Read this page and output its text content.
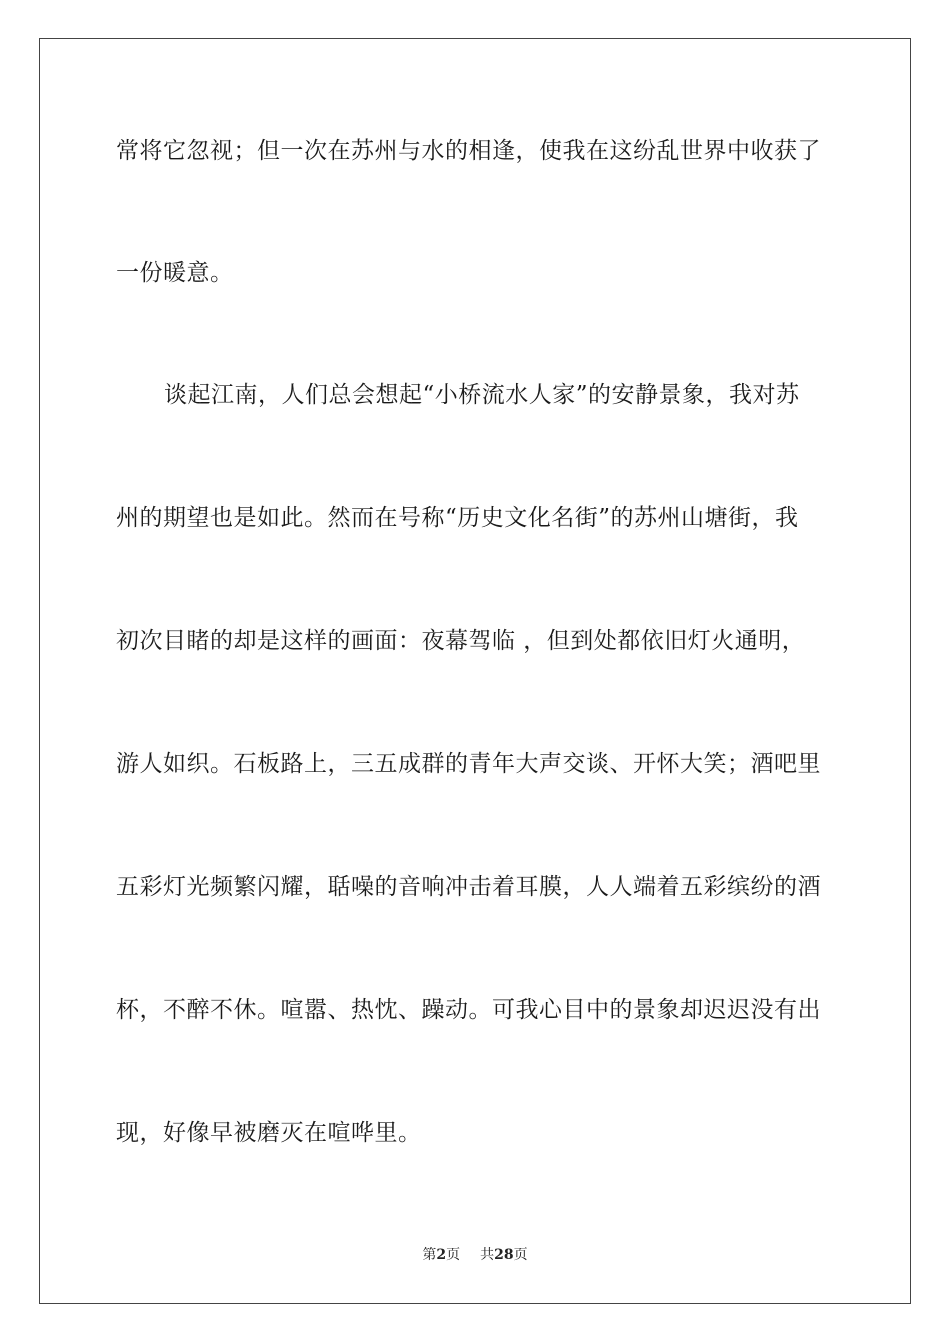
常将它忽视；但一次在苏州与水的相逢，使我在这纷乱世界中收获了
一份暖意。
谈起江南，人们总会想起“小桥流水人家”的安静景象，我对苏
州的期望也是如此。然而在号称“历史文化名街”的苏州山塘街，我
初次目睹的却是这样的画面：夜幕驾临 ，但到处都依旧灯火通明，
游人如织。石板路上，三五成群的青年大声交谈、开怀大笑；酒吧里
五彩灯光频繁闪耀，聒噪的音响冲击着耳膜，人人端着五彩缤纷的酒
杯，不醉不休。喧嚣、热忱、躁动。可我心目中的景象却迟迟没有出
现，好像早被磨灭在喧哗里。
第2页 共28页
